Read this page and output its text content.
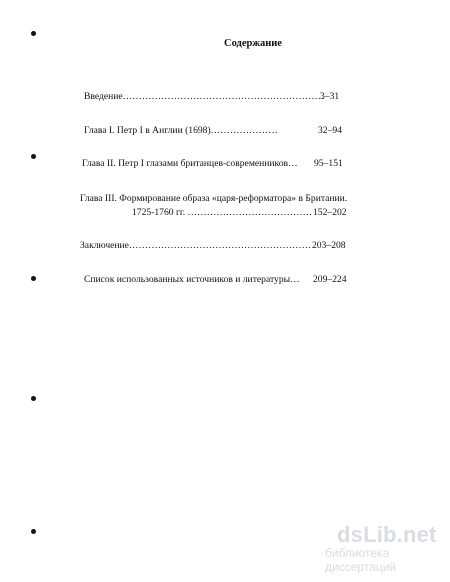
Содержание
Введение………………………………………………………
3–31
Глава I. Петр I в Англии (1698)…………………	32–94
Глава II. Петр I глазами британцев-современников… 95–151
Глава III. Формирование образа «царя-реформатора» в Британии.
1725-1760 гг. ………………………………… 152–202
Заключение………………………………………………… 203–208
Список использованных источников и литературы… 209–224
dsLib.net
библиотека диссертаций
